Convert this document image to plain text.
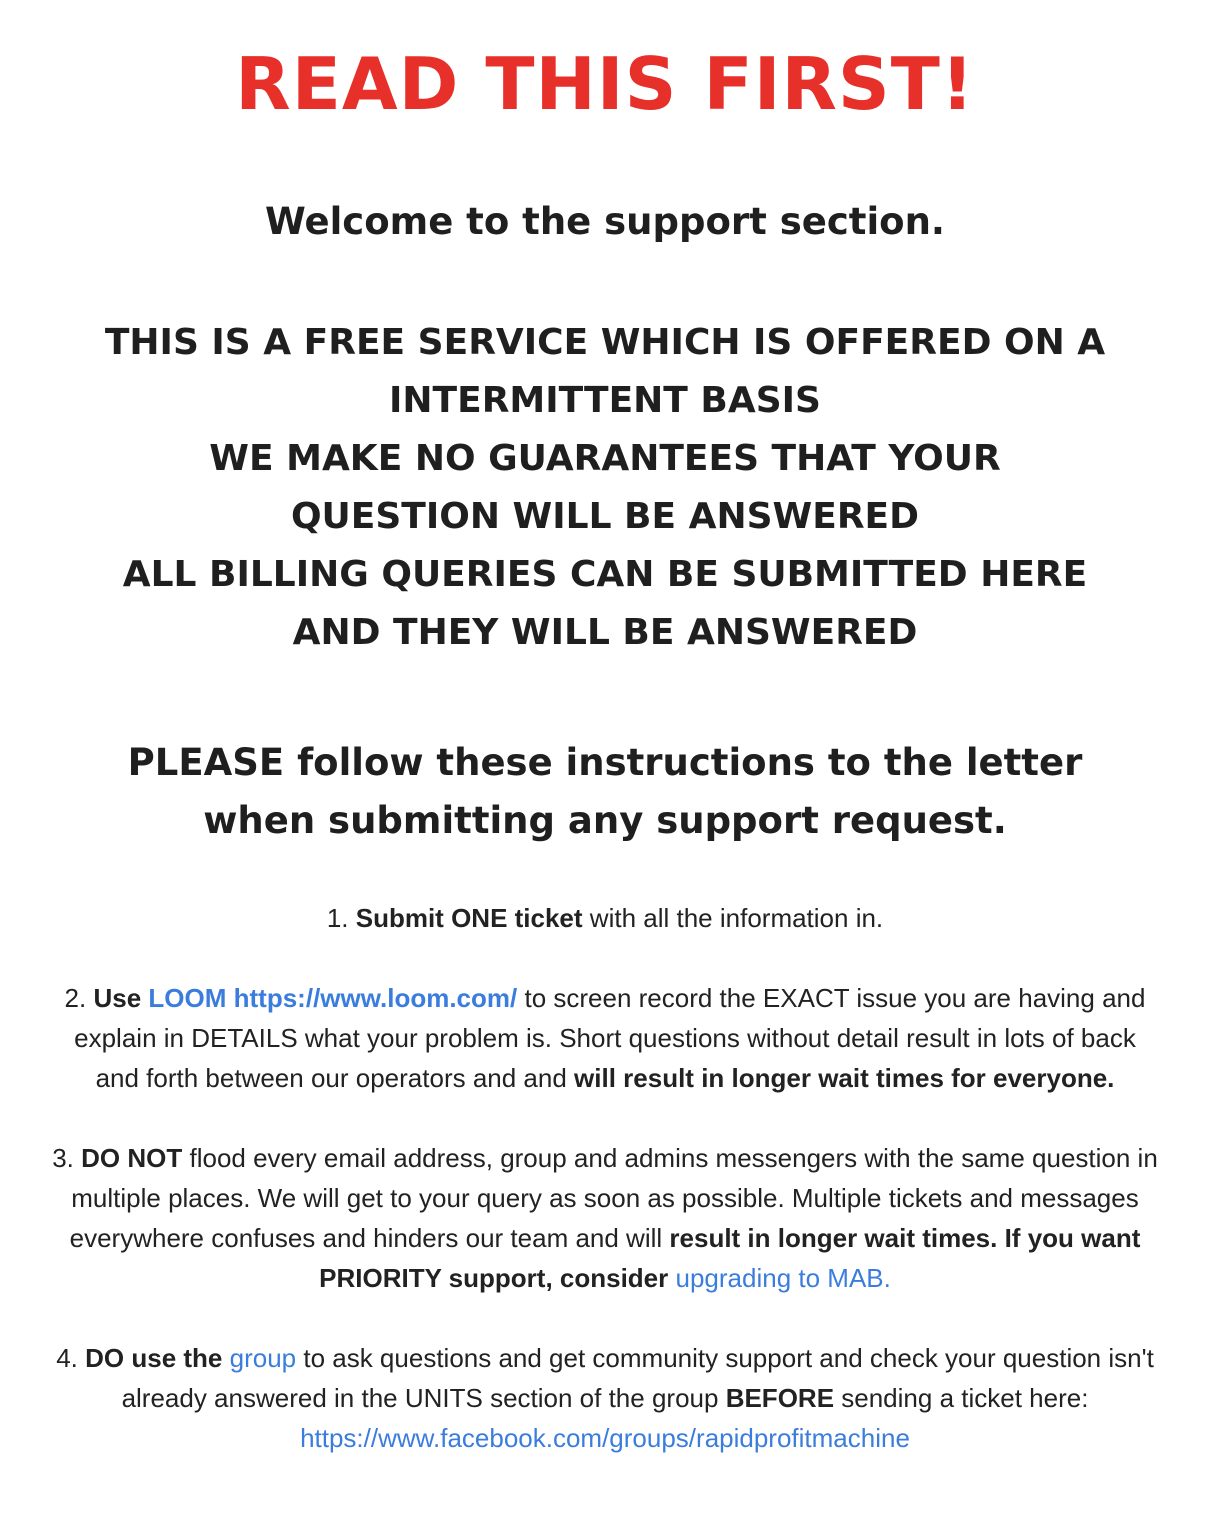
READ THIS FIRST!
Welcome to the support section.
THIS IS A FREE SERVICE WHICH IS OFFERED ON A
INTERMITTENT BASIS
WE MAKE NO GUARANTEES THAT YOUR
QUESTION WILL BE ANSWERED
ALL BILLING QUERIES CAN BE SUBMITTED HERE
AND THEY WILL BE ANSWERED
PLEASE follow these instructions to the letter when submitting any support request.

1. Submit ONE ticket with all the information in.

2. Use LOOM https://www.loom.com/ to screen record the EXACT issue you are having and explain in DETAILS what your problem is. Short questions without detail result in lots of back and forth between our operators and and will result in longer wait times for everyone.

3. DO NOT flood every email address, group and admins messengers with the same question in multiple places. We will get to your query as soon as possible. Multiple tickets and messages everywhere confuses and hinders our team and will result in longer wait times. If you want PRIORITY support, consider upgrading to MAB.

4. DO use the group to ask questions and get community support and check your question isn't already answered in the UNITS section of the group BEFORE sending a ticket here: https://www.facebook.com/groups/rapidprofitmachine
